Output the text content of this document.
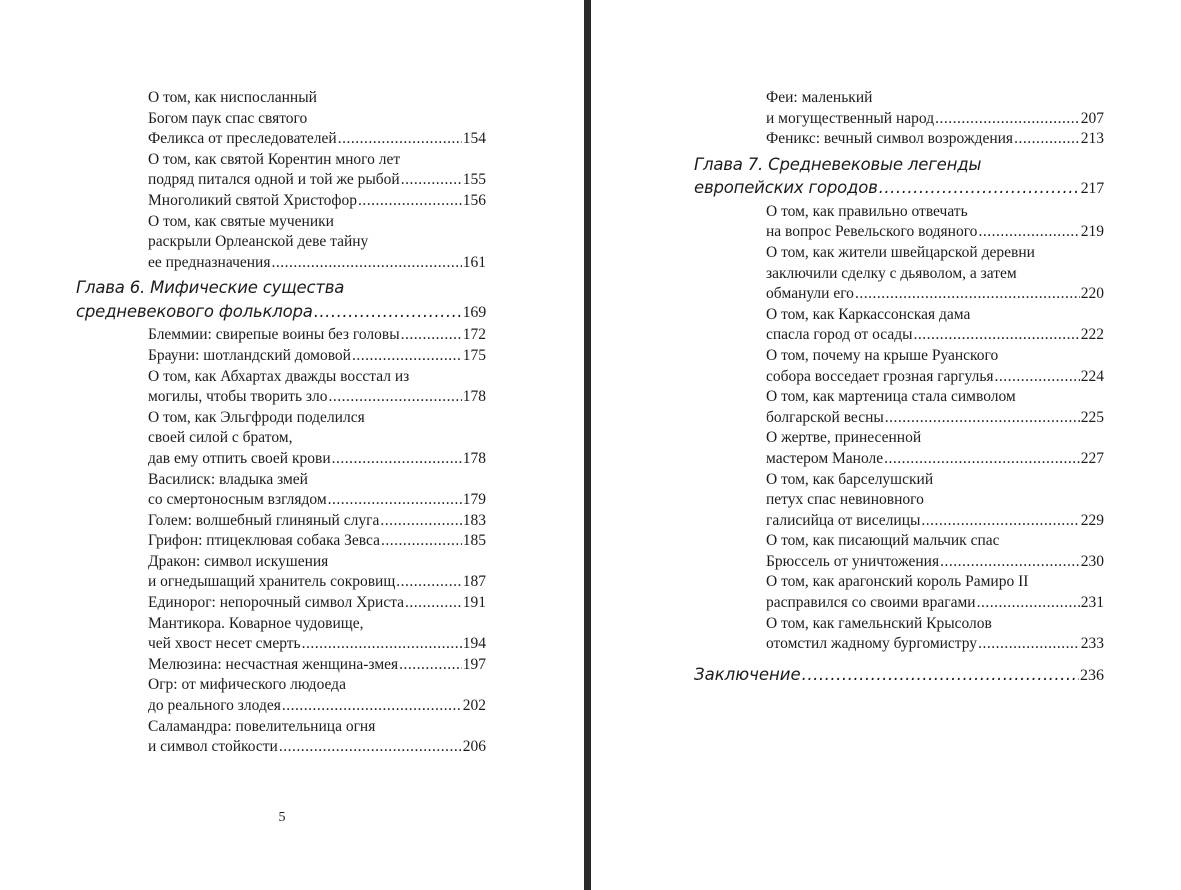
О том, как ниспосланный
Богом паук спас святого
Феликса от преследователей .....	154
О том, как святой Корентин много лет
подряд питался одной и той же рыбой .....	155
Многоликий святой Христофор .....	156
О том, как святые мученики
раскрыли Орлеанской деве тайну
ее предназначения .....	161
Глава 6. Мифические существа
средневекового фольклора .....	169
Блеммии: свирепые воины без головы .....	172
Брауни: шотландский домовой .....	175
О том, как Абхартах дважды восстал из
могилы, чтобы творить зло .....	178
О том, как Эльгфроди поделился
своей силой с братом,
дав ему отпить своей крови .....	178
Василиск: владыка змей
со смертоносным взглядом .....	179
Голем: волшебный глиняный слуга .....	183
Грифон: птицеклювая собака Зевса .....	185
Дракон: символ искушения
и огнедышащий хранитель сокровищ .....	187
Единорог: непорочный символ Христа .....	191
Мантикора. Коварное чудовище,
чей хвост несет смерть .....	194
Мелюзина: несчастная женщина-змея .....	197
Огр: от мифического людоеда
до реального злодея .....	202
Саламандра: повелительница огня
и символ стойкости .....	206
5
Феи: маленький
и могущественный народ .....	207
Феникс: вечный символ возрождения .....	213
Глава 7. Средневековые легенды
европейских городов .....	217
О том, как правильно отвечать
на вопрос Ревельского водяного .....	219
О том, как жители швейцарской деревни
заключили сделку с дьяволом, а затем
обманули его .....	220
О том, как Каркассонская дама
спасла город от осады .....	222
О том, почему на крыше Руанского
собора восседает грозная гаргулья .....	224
О том, как мартеница стала символом
болгарской весны .....	225
О жертве, принесенной
мастером Маноле .....	227
О том, как барселушский
петух спас невиновного
галисийца от виселицы .....	229
О том, как писающий мальчик спас
Брюссель от уничтожения .....	230
О том, как арагонский король Рамиро II
расправился со своими врагами .....	231
О том, как гамельнский Крысолов
отомстил жадному бургомистру .....	233
Заключение .....	236
